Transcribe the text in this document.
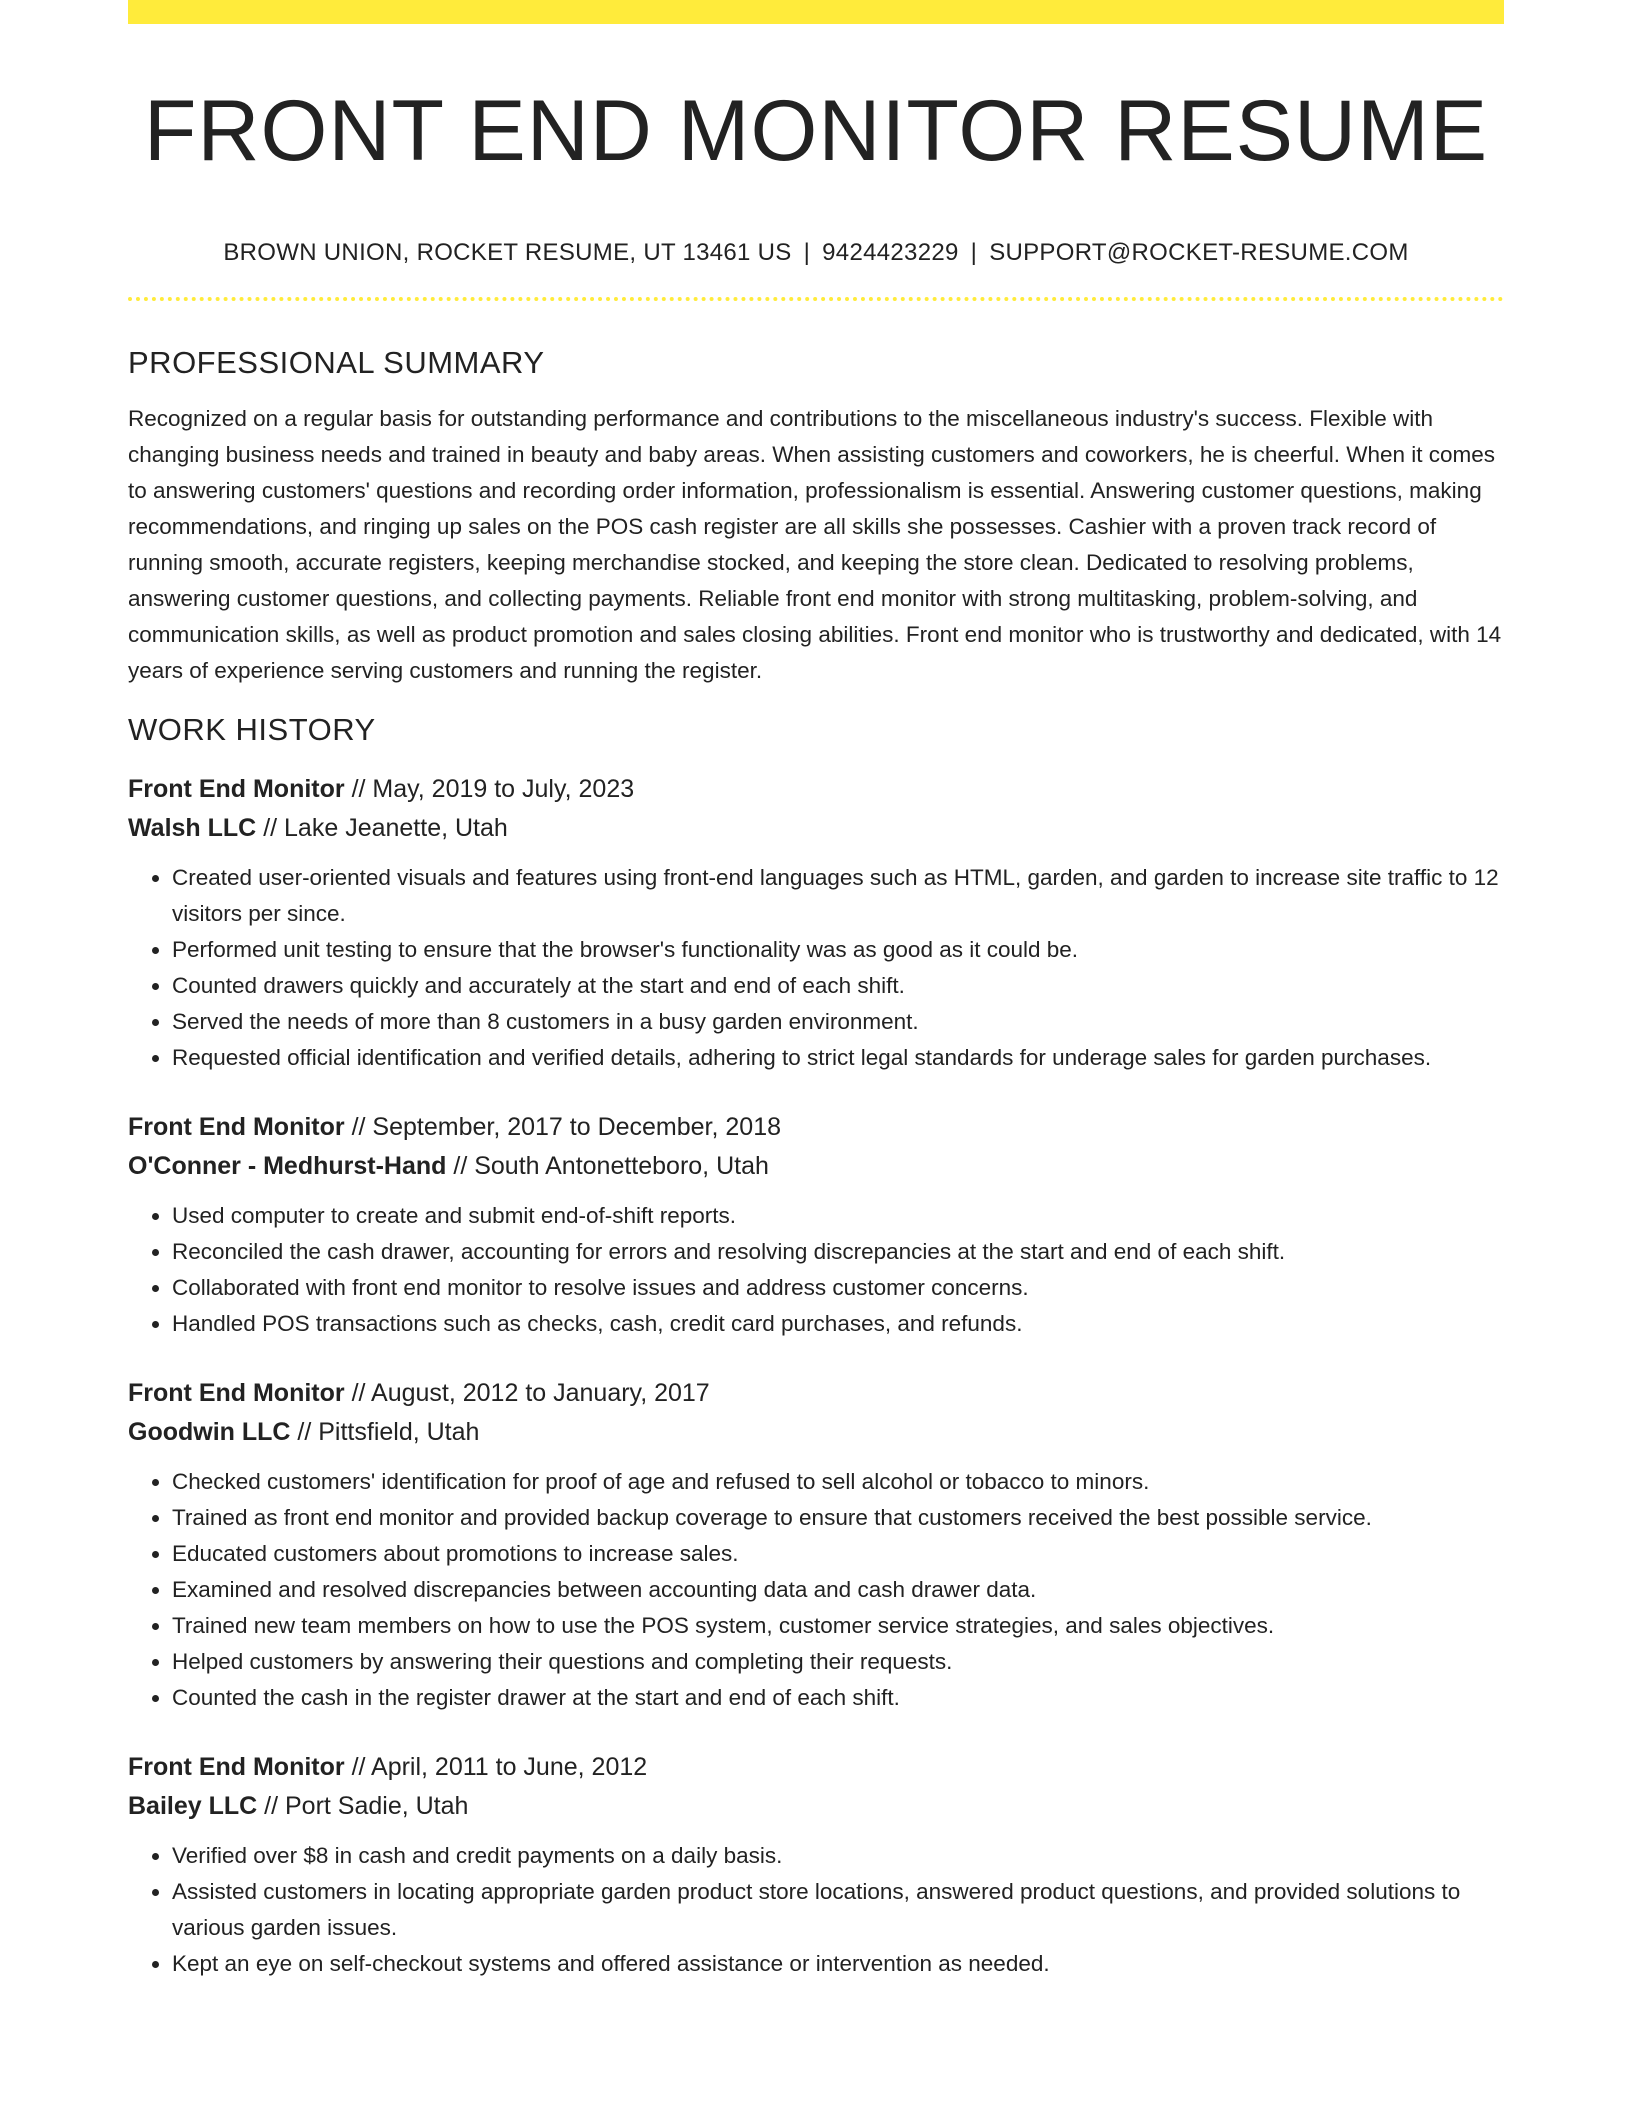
FRONT END MONITOR RESUME
BROWN UNION, ROCKET RESUME, UT 13461 US | 9424423229 | SUPPORT@ROCKET-RESUME.COM
PROFESSIONAL SUMMARY

Recognized on a regular basis for outstanding performance and contributions to the miscellaneous industry's success. Flexible with changing business needs and trained in beauty and baby areas. When assisting customers and coworkers, he is cheerful. When it comes to answering customers' questions and recording order information, professionalism is essential. Answering customer questions, making recommendations, and ringing up sales on the POS cash register are all skills she possesses. Cashier with a proven track record of running smooth, accurate registers, keeping merchandise stocked, and keeping the store clean. Dedicated to resolving problems, answering customer questions, and collecting payments. Reliable front end monitor with strong multitasking, problem-solving, and communication skills, as well as product promotion and sales closing abilities. Front end monitor who is trustworthy and dedicated, with 14 years of experience serving customers and running the register.

WORK HISTORY
Front End Monitor // May, 2019 to July, 2023
Walsh LLC // Lake Jeanette, Utah
• Created user-oriented visuals and features using front-end languages such as HTML, garden, and garden to increase site traffic to 12 visitors per since.
• Performed unit testing to ensure that the browser's functionality was as good as it could be.
• Counted drawers quickly and accurately at the start and end of each shift.
• Served the needs of more than 8 customers in a busy garden environment.
• Requested official identification and verified details, adhering to strict legal standards for underage sales for garden purchases.
Front End Monitor // September, 2017 to December, 2018
O'Conner - Medhurst-Hand // South Antonetteboro, Utah
• Used computer to create and submit end-of-shift reports.
• Reconciled the cash drawer, accounting for errors and resolving discrepancies at the start and end of each shift.
• Collaborated with front end monitor to resolve issues and address customer concerns.
• Handled POS transactions such as checks, cash, credit card purchases, and refunds.
Front End Monitor // August, 2012 to January, 2017
Goodwin LLC // Pittsfield, Utah
• Checked customers' identification for proof of age and refused to sell alcohol or tobacco to minors.
• Trained as front end monitor and provided backup coverage to ensure that customers received the best possible service.
• Educated customers about promotions to increase sales.
• Examined and resolved discrepancies between accounting data and cash drawer data.
• Trained new team members on how to use the POS system, customer service strategies, and sales objectives.
• Helped customers by answering their questions and completing their requests.
• Counted the cash in the register drawer at the start and end of each shift.
Front End Monitor // April, 2011 to June, 2012
Bailey LLC // Port Sadie, Utah
• Verified over $8 in cash and credit payments on a daily basis.
• Assisted customers in locating appropriate garden product store locations, answered product questions, and provided solutions to various garden issues.
• Kept an eye on self-checkout systems and offered assistance or intervention as needed.
